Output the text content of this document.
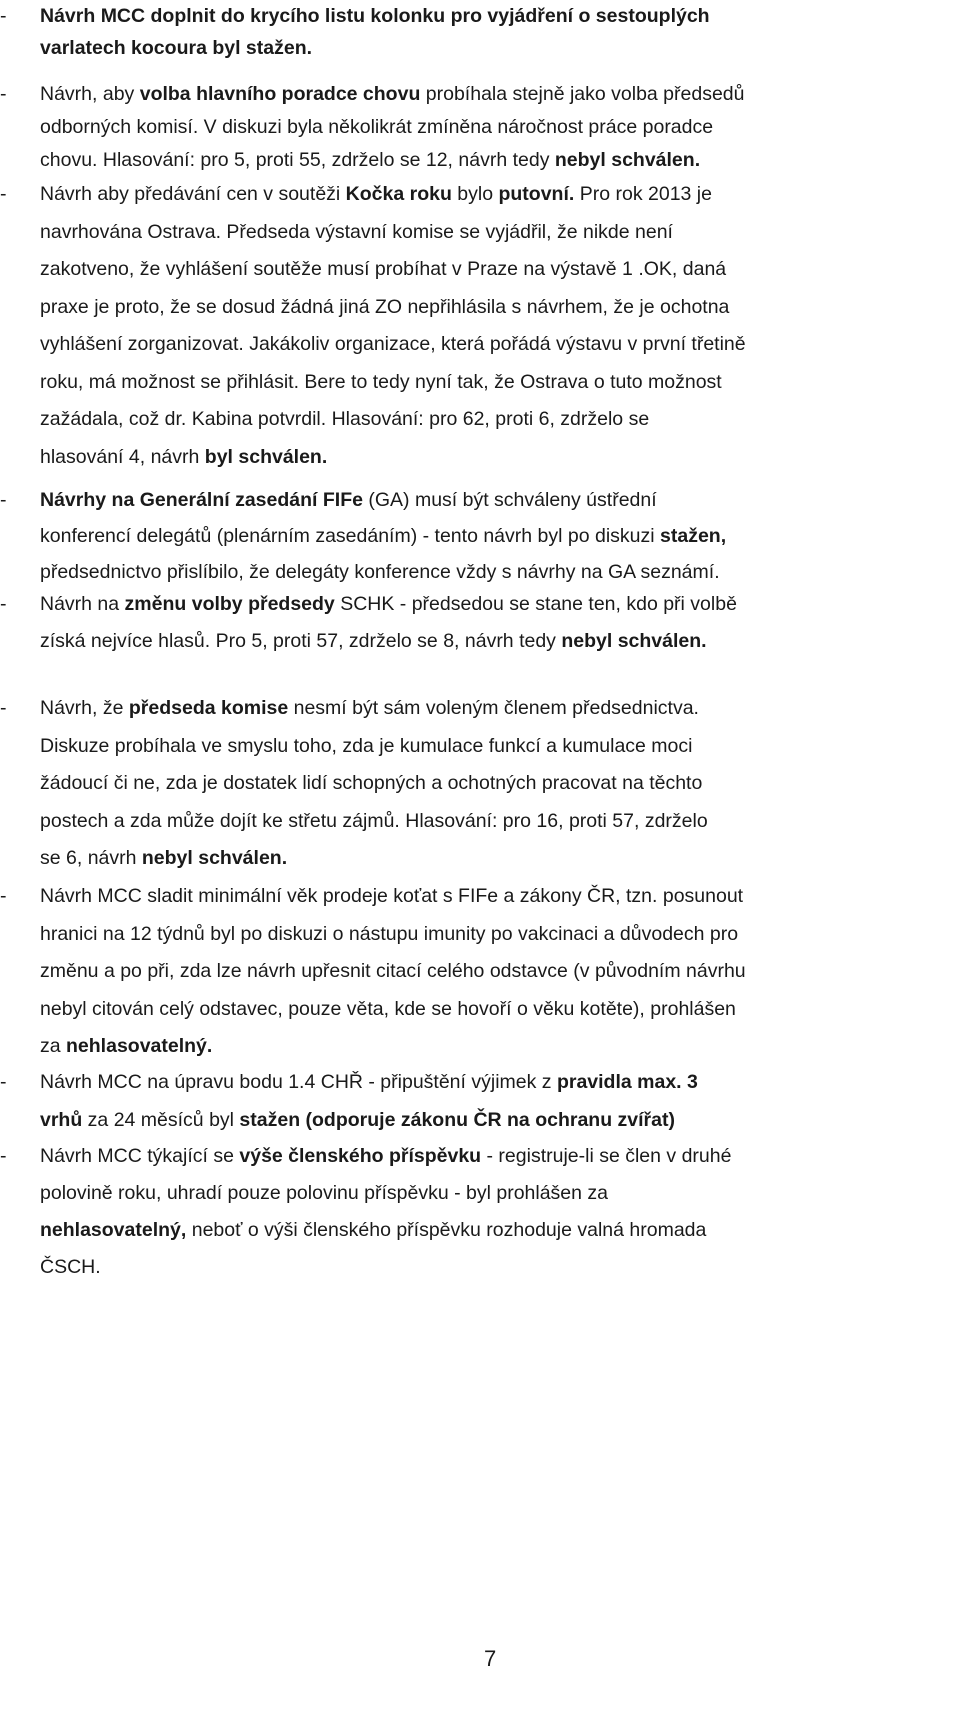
-	Návrh MCC doplnit do krycího listu kolonku pro vyjádření o sestouplých
varlatech kocoura byl stažen.
-	Návrh, aby volba hlavního poradce chovu probíhala stejně jako volba předsedů
odborných komisí. V diskuzi byla několikrát zmíněna náročnost práce poradce
chovu. Hlasování: pro 5, proti 55, zdrželo se 12, návrh tedy nebyl schválen.
-	Návrh aby předávání cen v soutěži Kočka roku bylo putovní. Pro rok 2013 je
navrhována Ostrava. Předseda výstavní komise se vyjádřil, že nikde není
zakotveno, že vyhlášení soutěže musí probíhat v Praze na výstavě 1 .OK, daná
praxe je proto, že se dosud žádná jiná ZO nepřihlásila s návrhem, že je ochotna
vyhlášení zorganizovat. Jakákoliv organizace, která pořádá výstavu v první třetině
roku, má možnost se přihlásit. Bere to tedy nyní tak, že Ostrava o tuto možnost
zažádala, což dr. Kabina potvrdil. Hlasování: pro 62, proti 6, zdrželo se
hlasování 4, návrh byl schválen.
-	Návrhy na Generální zasedání FIFe (GA) musí být schváleny ústřední
konferencí delegátů (plenárním zasedáním) - tento návrh byl po diskuzi stažen,
předsednictvo přislíbilo, že delegáty konference vždy s návrhy na GA seznámí.
-	Návrh na změnu volby předsedy SCHK - předsedou se stane ten, kdo při volbě
získá nejvíce hlasů. Pro 5, proti 57, zdrželo se 8, návrh tedy nebyl schválen.
-	Návrh, že předseda komise nesmí být sám voleným členem předsednictva.
Diskuze probíhala ve smyslu toho, zda je kumulace funkcí a kumulace moci
žádoucí či ne, zda je dostatek lidí schopných a ochotných pracovat na těchto
postech a zda může dojít ke střetu zájmů. Hlasování: pro 16, proti 57, zdrželo
se 6, návrh nebyl schválen.
-	Návrh MCC sladit minimální věk prodeje koťat s FIFe a zákony ČR, tzn. posunout
hranici na 12 týdnů byl po diskuzi o nástupu imunity po vakcinaci a důvodech pro
změnu a po při, zda lze návrh upřesnit citací celého odstavce (v původním návrhu
nebyl citován celý odstavec, pouze věta, kde se hovoří o věku kotěte), prohlášen
za nehlasovatelný.
-	Návrh MCC na úpravu bodu 1.4 CHŘ - připuštění výjimek z pravidla max. 3
vrhů za 24 měsíců byl stažen (odporuje zákonu ČR na ochranu zvířat)
-	Návrh MCC týkající se výše členského příspěvku - registruje-li se člen v druhé
polovině roku, uhradí pouze polovinu příspěvku - byl prohlášen za
nehlasovatelný, neboť o výši členského příspěvku rozhoduje valná hromada
ČSCH.
7
